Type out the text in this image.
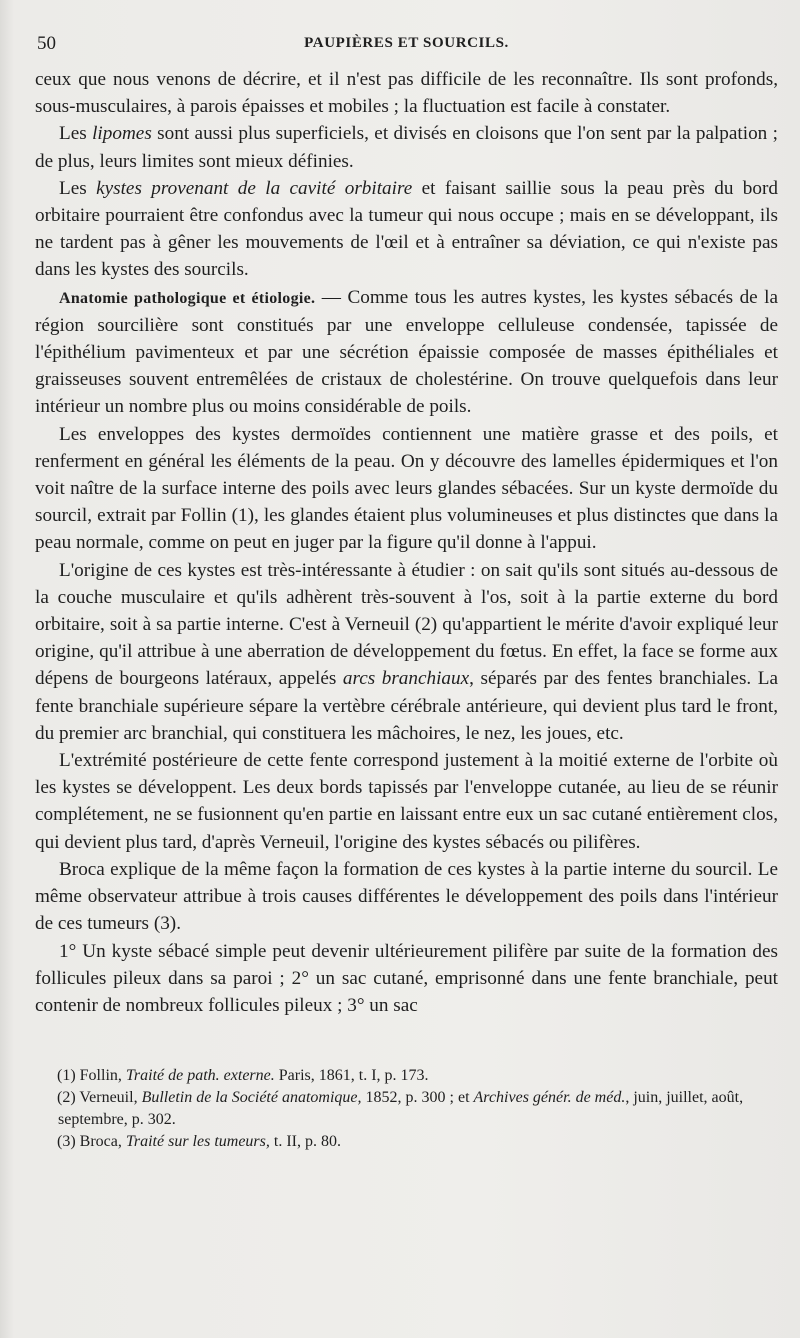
50	PAUPIÈRES ET SOURCILS.

ceux que nous venons de décrire, et il n'est pas difficile de les reconnaître. Ils sont profonds, sous-musculaires, à parois épaisses et mobiles ; la fluctuation est facile à constater.

Les lipomes sont aussi plus superficiels, et divisés en cloisons que l'on sent par la palpation ; de plus, leurs limites sont mieux définies.

Les kystes provenant de la cavité orbitaire et faisant saillie sous la peau près du bord orbitaire pourraient être confondus avec la tumeur qui nous occupe ; mais en se développant, ils ne tardent pas à gêner les mouvements de l'œil et à entraîner sa déviation, ce qui n'existe pas dans les kystes des sourcils.

Anatomie pathologique et étiologie. — Comme tous les autres kystes, les kystes sébacés de la région sourcilière sont constitués par une enveloppe celluleuse condensée, tapissée de l'épithélium pavimenteux et par une sécrétion épaissie composée de masses épithéliales et graisseuses souvent entremêlées de cristaux de cholestérine. On trouve quelquefois dans leur intérieur un nombre plus ou moins considérable de poils.

Les enveloppes des kystes dermoïdes contiennent une matière grasse et des poils, et renferment en général les éléments de la peau. On y découvre des lamelles épidermiques et l'on voit naître de la surface interne des poils avec leurs glandes sébacées. Sur un kyste dermoïde du sourcil, extrait par Follin (1), les glandes étaient plus volumineuses et plus distinctes que dans la peau normale, comme on peut en juger par la figure qu'il donne à l'appui.

L'origine de ces kystes est très-intéressante à étudier : on sait qu'ils sont situés au-dessous de la couche musculaire et qu'ils adhèrent très-souvent à l'os, soit à la partie externe du bord orbitaire, soit à sa partie interne. C'est à Verneuil (2) qu'appartient le mérite d'avoir expliqué leur origine, qu'il attribue à une aberration de développement du fœtus. En effet, la face se forme aux dépens de bourgeons latéraux, appelés arcs branchiaux, séparés par des fentes branchiales. La fente branchiale supérieure sépare la vertèbre cérébrale antérieure, qui devient plus tard le front, du premier arc branchial, qui constituera les mâchoires, le nez, les joues, etc.

L'extrémité postérieure de cette fente correspond justement à la moitié externe de l'orbite où les kystes se développent. Les deux bords tapissés par l'enveloppe cutanée, au lieu de se réunir complétement, ne se fusionnent qu'en partie en laissant entre eux un sac cutané entièrement clos, qui devient plus tard, d'après Verneuil, l'origine des kystes sébacés ou pilifères.

Broca explique de la même façon la formation de ces kystes à la partie interne du sourcil. Le même observateur attribue à trois causes différentes le développement des poils dans l'intérieur de ces tumeurs (3).

1° Un kyste sébacé simple peut devenir ultérieurement pilifère par suite de la formation des follicules pileux dans sa paroi ; 2° un sac cutané, emprisonné dans une fente branchiale, peut contenir de nombreux follicules pileux ; 3° un sac

(1) Follin, Traité de path. externe. Paris, 1861, t. I, p. 173.

(2) Verneuil, Bulletin de la Société anatomique, 1852, p. 300 ; et Archives génér. de méd., juin, juillet, août, septembre, p. 302.

(3) Broca, Traité sur les tumeurs, t. II, p. 80.
